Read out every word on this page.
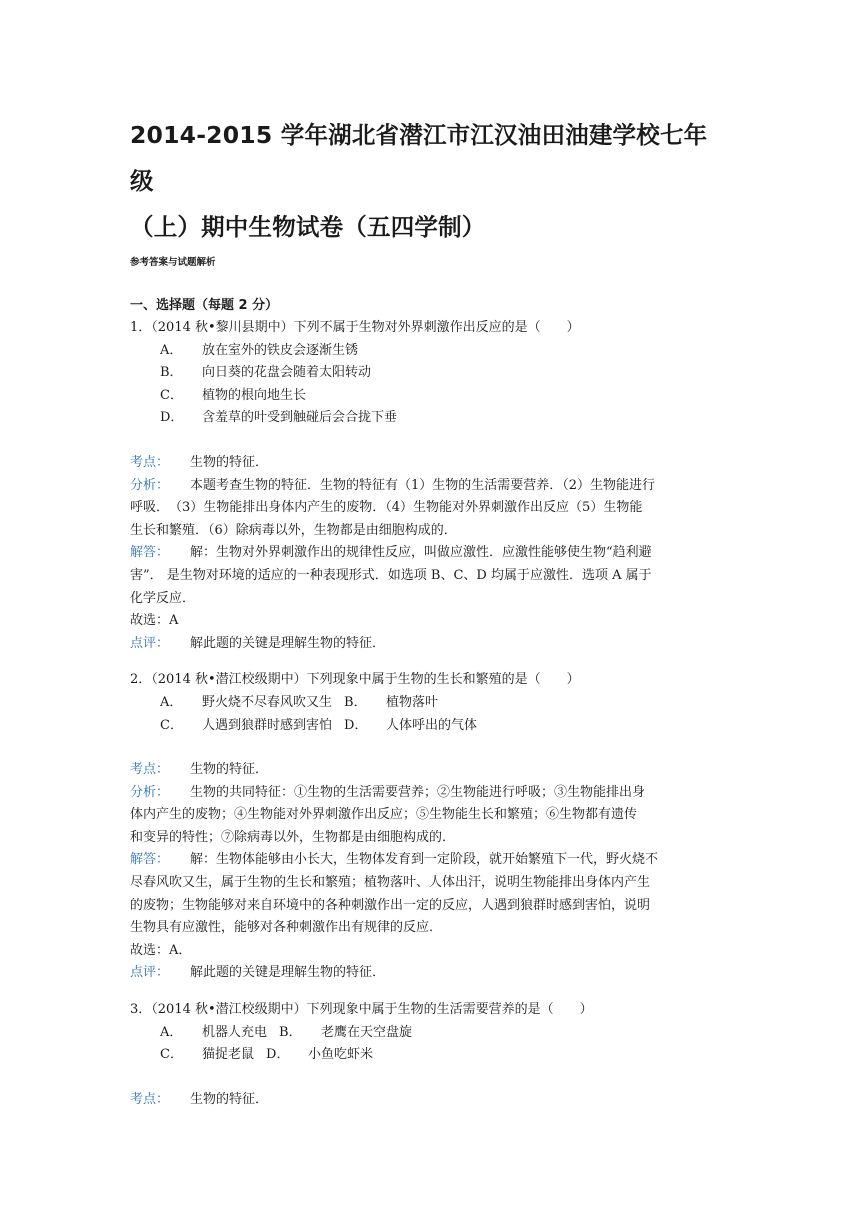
2014-2015 学年湖北省潜江市江汉油田油建学校七年级
（上）期中生物试卷（五四学制）
参考答案与试题解析
一、选择题（每题 2 分）
1．（2014 秋•黎川县期中）下列不属于生物对外界刺激作出反应的是（　　）
A． 放在室外的铁皮会逐渐生锈
B． 向日葵的花盘会随着太阳转动
C． 植物的根向地生长
D． 含羞草的叶受到触碰后会合拢下垂
考点： 生物的特征．
分析： 本题考查生物的特征．生物的特征有（1）生物的生活需要营养．（2）生物能进行
呼吸．　（3）生物能排出身体内产生的废物．（4）生物能对外界刺激作出反应（5）生物能
生长和繁殖．（6）除病毒以外，生物都是由细胞构成的．
解答： 解：生物对外界刺激作出的规律性反应，叫做应激性．应激性能够使生物“趋利避
害”． 是生物对环境的适应的一种表现形式．如选项 B、C、D 均属于应激性．选项 A 属于
化学反应．
故选：A
点评： 解此题的关键是理解生物的特征．
2．（2014 秋•潜江校级期中）下列现象中属于生物的生长和繁殖的是（　　）
A． 野火烧不尽春风吹又生 B． 植物落叶
C． 人遇到狼群时感到害怕 D． 人体呼出的气体
考点： 生物的特征．
分析： 生物的共同特征：①生物的生活需要营养；②生物能进行呼吸；③生物能排出身
体内产生的废物；④生物能对外界刺激作出反应；⑤生物能生长和繁殖；⑥生物都有遗传
和变异的特性；⑦除病毒以外，生物都是由细胞构成的．
解答： 解：生物体能够由小长大，生物体发育到一定阶段，就开始繁殖下一代，野火烧不
尽春风吹又生，属于生物的生长和繁殖；植物落叶、人体出汗，说明生物能排出身体内产生
的废物；生物能够对来自环境中的各种刺激作出一定的反应，人遇到狼群时感到害怕，说明
生物具有应激性，能够对各种刺激作出有规律的反应．
故选：A．
点评： 解此题的关键是理解生物的特征．
3．（2014 秋•潜江校级期中）下列现象中属于生物的生活需要营养的是（　　）
A． 机器人充电 B． 老鹰在天空盘旋
C． 猫捉老鼠 D． 小鱼吃虾米
考点： 生物的特征．
